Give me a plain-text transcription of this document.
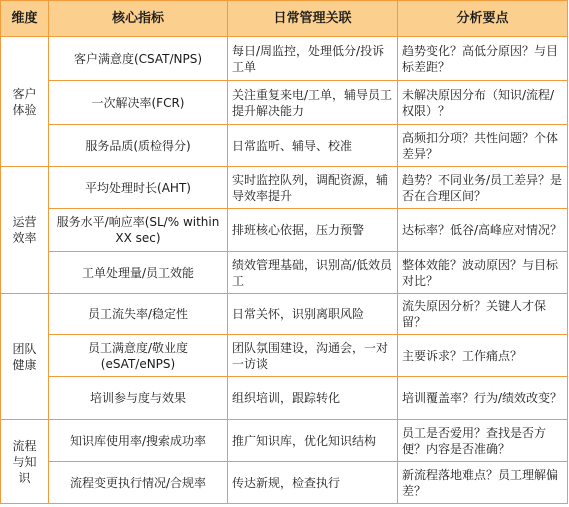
维度	核心指标	日常管理关联	分析要点

客户体验	客户满意度(CSAT/NPS)	每日/周监控，处理低分/投诉工单	趋势变化？高低分原因？与目标差距？
	一次解决率(FCR)	关注重复来电/工单，辅导员工提升解决能力	未解决原因分布（知识/流程/权限）？
	服务品质(质检得分)	日常监听、辅导、校准	高频扣分项？共性问题？个体差异？

运营效率	平均处理时长(AHT)	实时监控队列，调配资源，辅导效率提升	趋势？不同业务/员工差异？是否在合理区间？
	服务水平/响应率(SL/% within XX sec)	排班核心依据，压力预警	达标率？低谷/高峰应对情况？
	工单处理量/员工效能	绩效管理基础，识别高/低效员工	整体效能？波动原因？与目标对比？

团队健康	员工流失率/稳定性	日常关怀，识别离职风险	流失原因分析？关键人才保留？
	员工满意度/敬业度(eSAT/eNPS)	团队氛围建设，沟通会，一对一访谈	主要诉求？工作痛点？
	培训参与度与效果	组织培训，跟踪转化	培训覆盖率？行为/绩效改变？

流程与知识	知识库使用率/搜索成功率	推广知识库，优化知识结构	员工是否爱用？查找是否方便？内容是否准确？
	流程变更执行情况/合规率	传达新规，检查执行	新流程落地难点？员工理解偏差？
